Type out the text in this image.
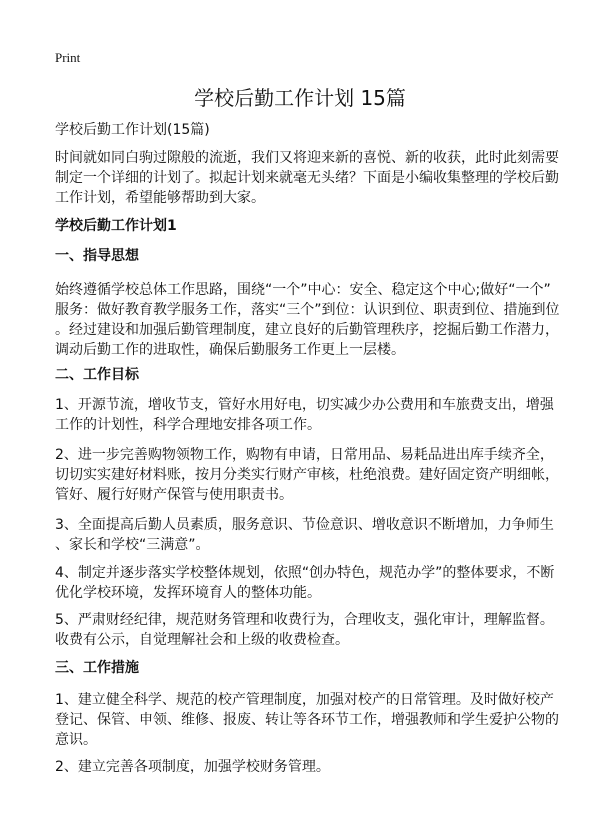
Print
学校后勤工作计划 15篇
学校后勤工作计划(15篇)
时间就如同白驹过隙般的流逝，我们又将迎来新的喜悦、新的收获，此时此刻需要
制定一个详细的计划了。拟起计划来就毫无头绪？下面是小编收集整理的学校后勤
工作计划，希望能够帮助到大家。
学校后勤工作计划1
一、指导思想
始终遵循学校总体工作思路，围绕“一个”中心：安全、稳定这个中心;做好“一个”
服务：做好教育教学服务工作，落实“三个”到位：认识到位、职责到位、措施到位
。经过建设和加强后勤管理制度，建立良好的后勤管理秩序，挖掘后勤工作潜力，
调动后勤工作的进取性，确保后勤服务工作更上一层楼。
二、工作目标
1、开源节流，增收节支，管好水用好电，切实减少办公费用和车旅费支出，增强
工作的计划性，科学合理地安排各项工作。
2、进一步完善购物领物工作，购物有申请，日常用品、易耗品进出库手续齐全，
切切实实建好材料账，按月分类实行财产审核，杜绝浪费。建好固定资产明细帐，
管好、履行好财产保管与使用职责书。
3、全面提高后勤人员素质，服务意识、节俭意识、增收意识不断增加，力争师生
、家长和学校“三满意”。
4、制定并逐步落实学校整体规划，依照“创办特色，规范办学”的整体要求，不断
优化学校环境，发挥环境育人的整体功能。
5、严肃财经纪律，规范财务管理和收费行为，合理收支，强化审计，理解监督。
收费有公示，自觉理解社会和上级的收费检查。
三、工作措施
1、建立健全科学、规范的校产管理制度，加强对校产的日常管理。及时做好校产
登记、保管、申领、维修、报废、转让等各环节工作，增强教师和学生爱护公物的
意识。
2、建立完善各项制度，加强学校财务管理。
